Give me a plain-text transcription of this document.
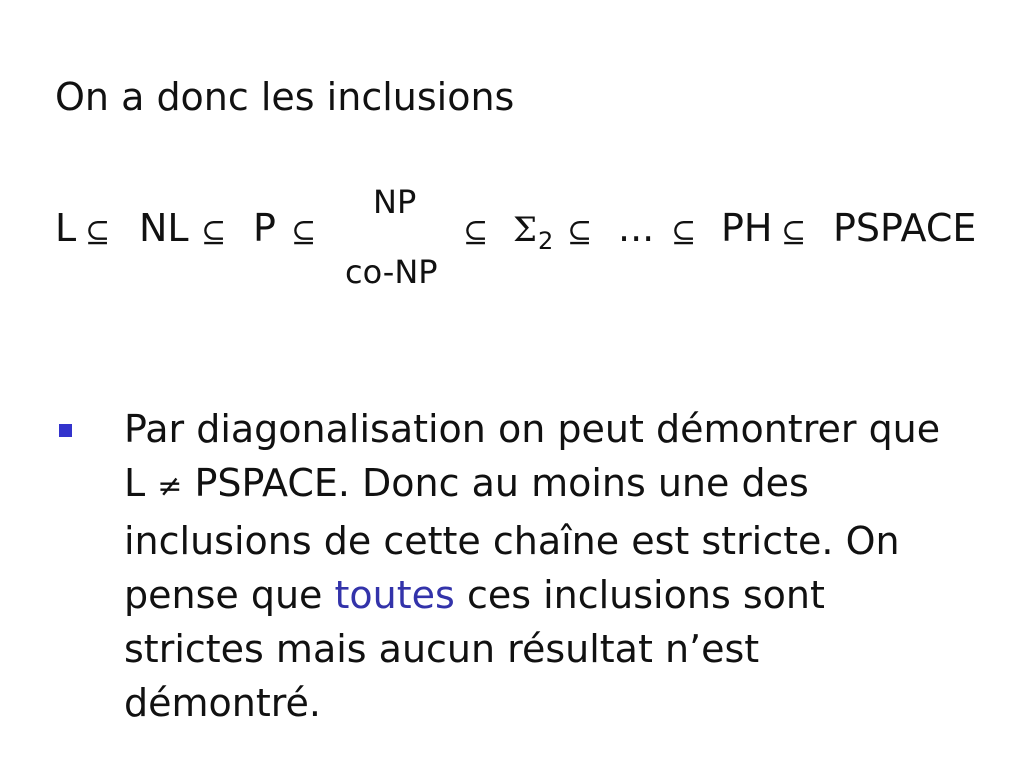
On a donc les inclusions
L ⊆ NL ⊆ P ⊆
NP
co-NP
⊆ $\Sigma_2$ ⊆ ... ⊆ PH ⊆ PSPACE
Par diagonalisation on peut démontrer que
L ≠ PSPACE. Donc au moins une des
inclusions de cette chaîne est stricte. On
pense que toutes ces inclusions sont
strictes mais aucun résultat n’est
démontré.
